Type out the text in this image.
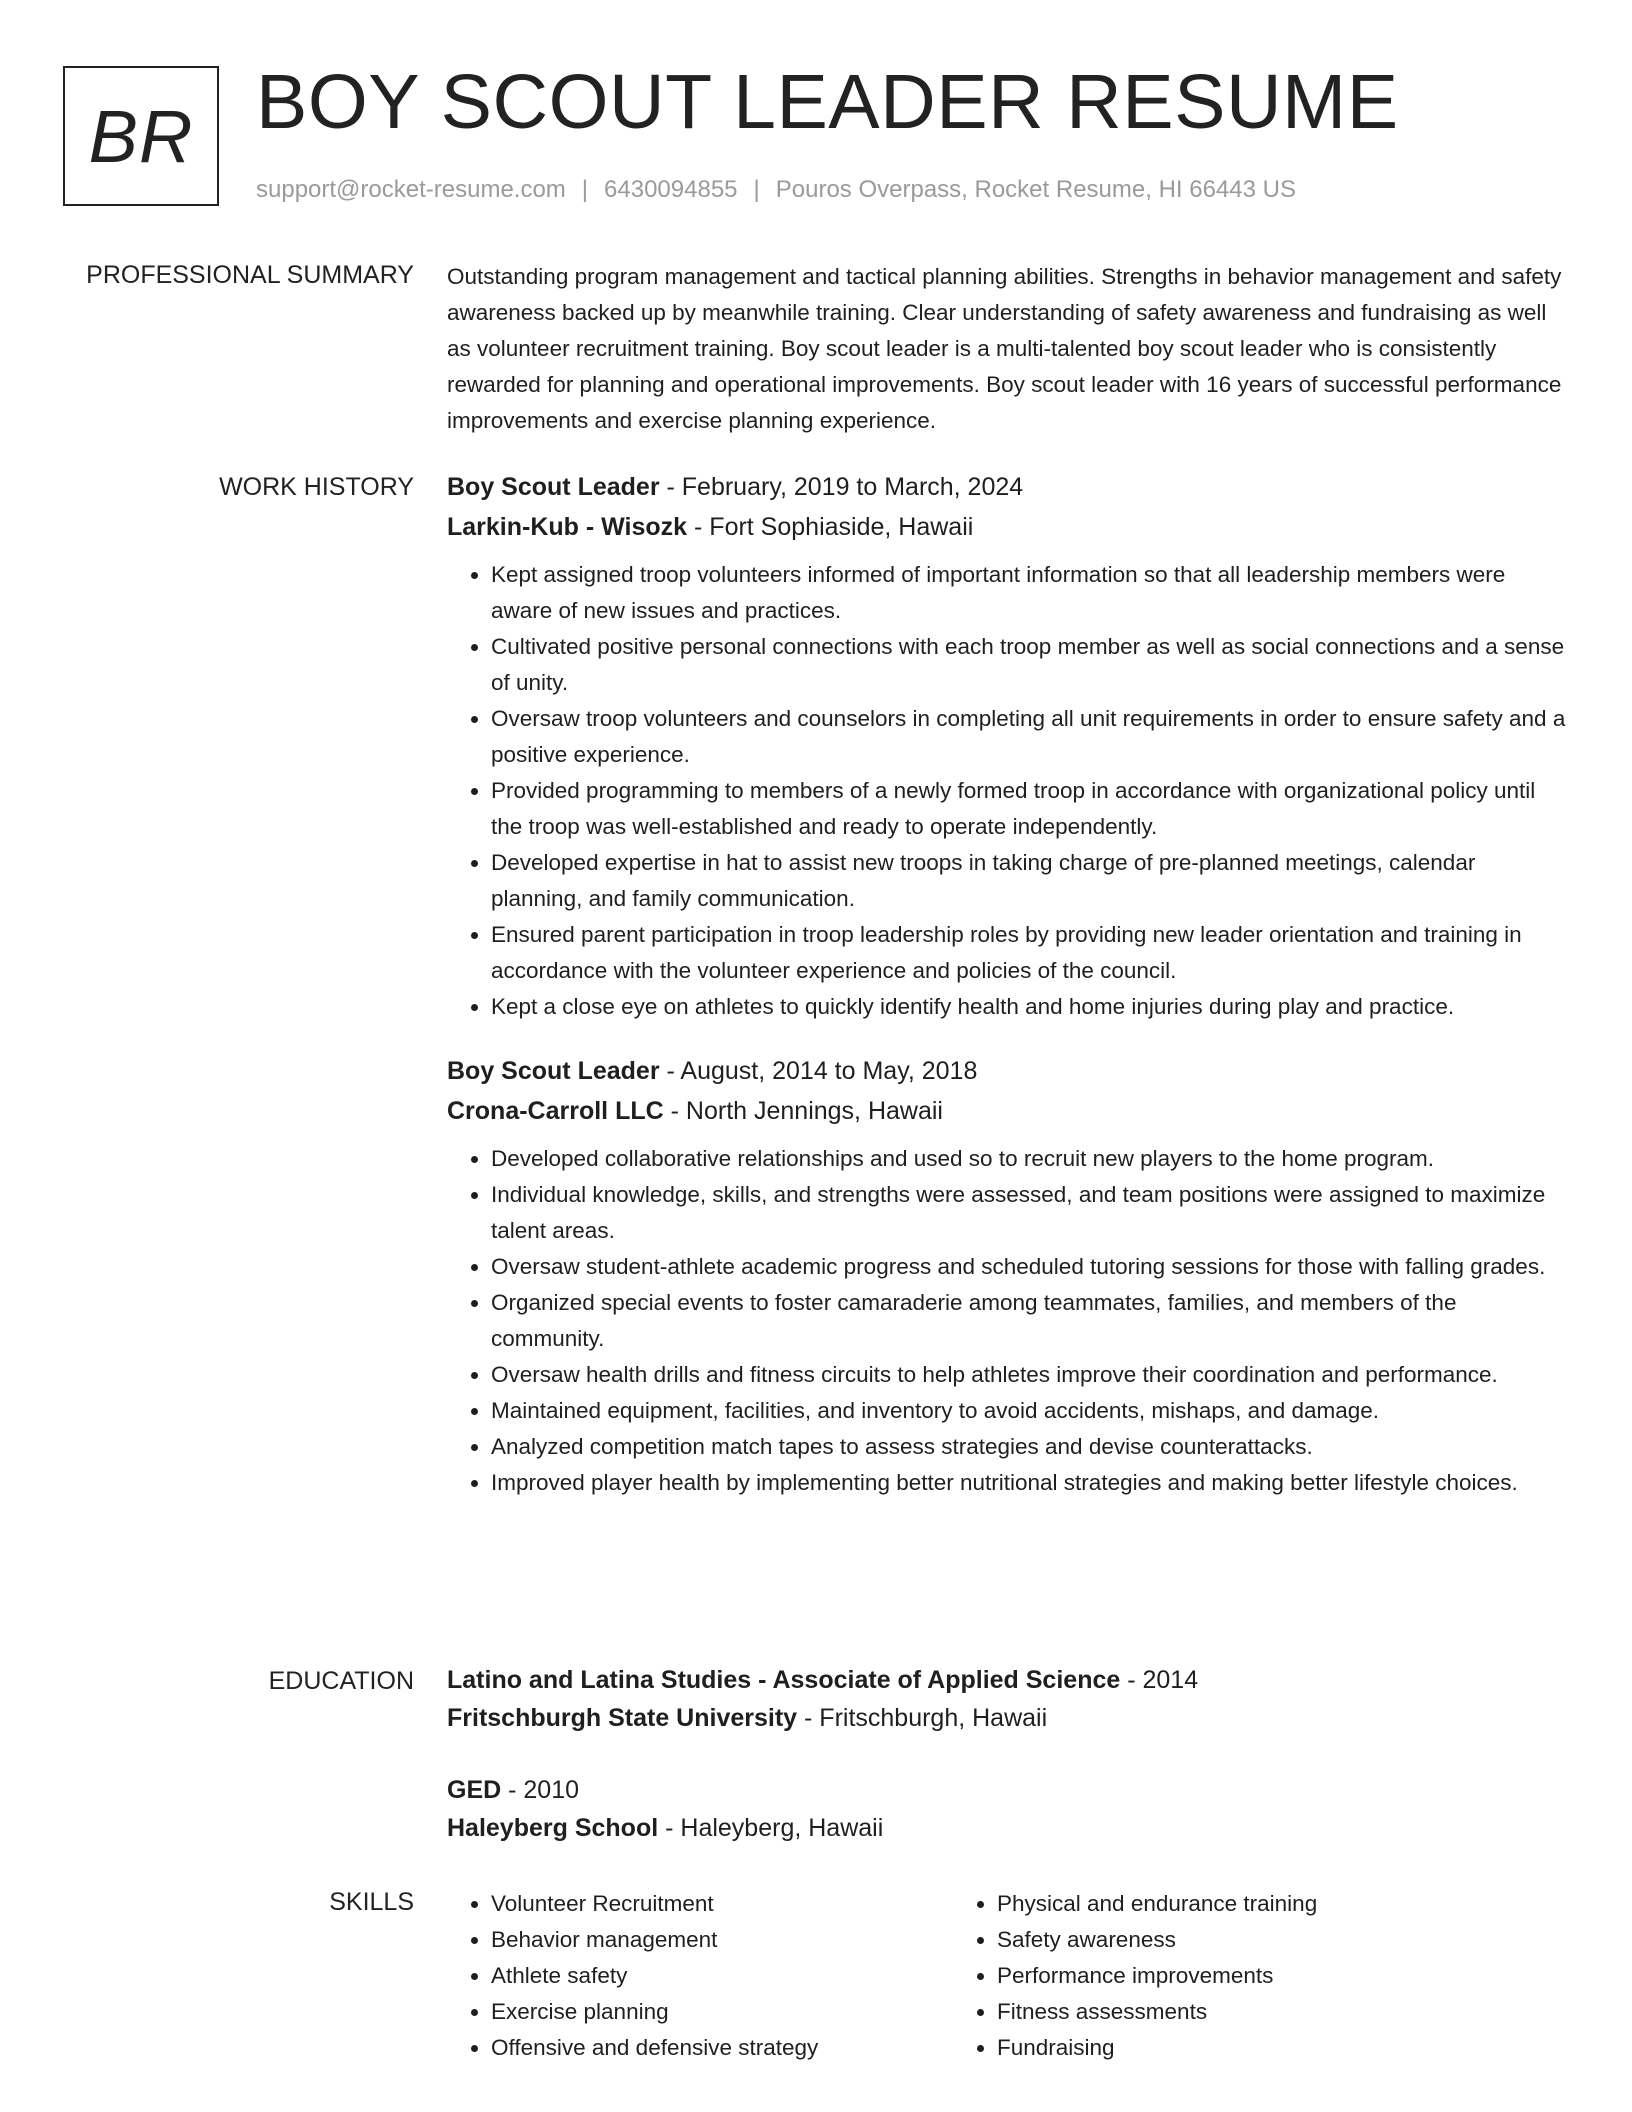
BR BOY SCOUT LEADER RESUME
support@rocket-resume.com | 6430094855 | Pouros Overpass, Rocket Resume, HI 66443 US
PROFESSIONAL SUMMARY Outstanding program management and tactical planning abilities. Strengths in behavior management and safety awareness backed up by meanwhile training. Clear understanding of safety awareness and fundraising as well as volunteer recruitment training. Boy scout leader is a multi-talented boy scout leader who is consistently rewarded for planning and operational improvements. Boy scout leader with 16 years of successful performance improvements and exercise planning experience.

WORK HISTORY Boy Scout Leader - February, 2019 to March, 2024

Larkin-Kub - Wisozk - Fort Sophiaside, Hawaii

• Kept assigned troop volunteers informed of important information so that all leadership members were aware of new issues and practices.
• Cultivated positive personal connections with each troop member as well as social connections and a sense of unity.
• Oversaw troop volunteers and counselors in completing all unit requirements in order to ensure safety and a positive experience.
• Provided programming to members of a newly formed troop in accordance with organizational policy until the troop was well-established and ready to operate independently.
• Developed expertise in hat to assist new troops in taking charge of pre-planned meetings, calendar planning, and family communication.
• Ensured parent participation in troop leadership roles by providing new leader orientation and training in accordance with the volunteer experience and policies of the council.
• Kept a close eye on athletes to quickly identify health and home injuries during play and practice.

Boy Scout Leader - August, 2014 to May, 2018

Crona-Carroll LLC - North Jennings, Hawaii

• Developed collaborative relationships and used so to recruit new players to the home program.
• Individual knowledge, skills, and strengths were assessed, and team positions were assigned to maximize talent areas.
• Oversaw student-athlete academic progress and scheduled tutoring sessions for those with falling grades.
• Organized special events to foster camaraderie among teammates, families, and members of the community.
• Oversaw health drills and fitness circuits to help athletes improve their coordination and performance.
• Maintained equipment, facilities, and inventory to avoid accidents, mishaps, and damage.
• Analyzed competition match tapes to assess strategies and devise counterattacks.
• Improved player health by implementing better nutritional strategies and making better lifestyle choices.
EDUCATION Latino and Latina Studies - Associate of Applied Science - 2014

Fritschburgh State University - Fritschburgh, Hawaii

GED - 2010

Haleyberg School - Haleyberg, Hawaii

SKILLS
•	Volunteer Recruitment
• Behavior management
• Athlete safety
• Exercise planning
• Offensive and defensive strategy
• Physical and endurance training
• Safety awareness
• Performance improvements
• Fitness assessments
• Fundraising
